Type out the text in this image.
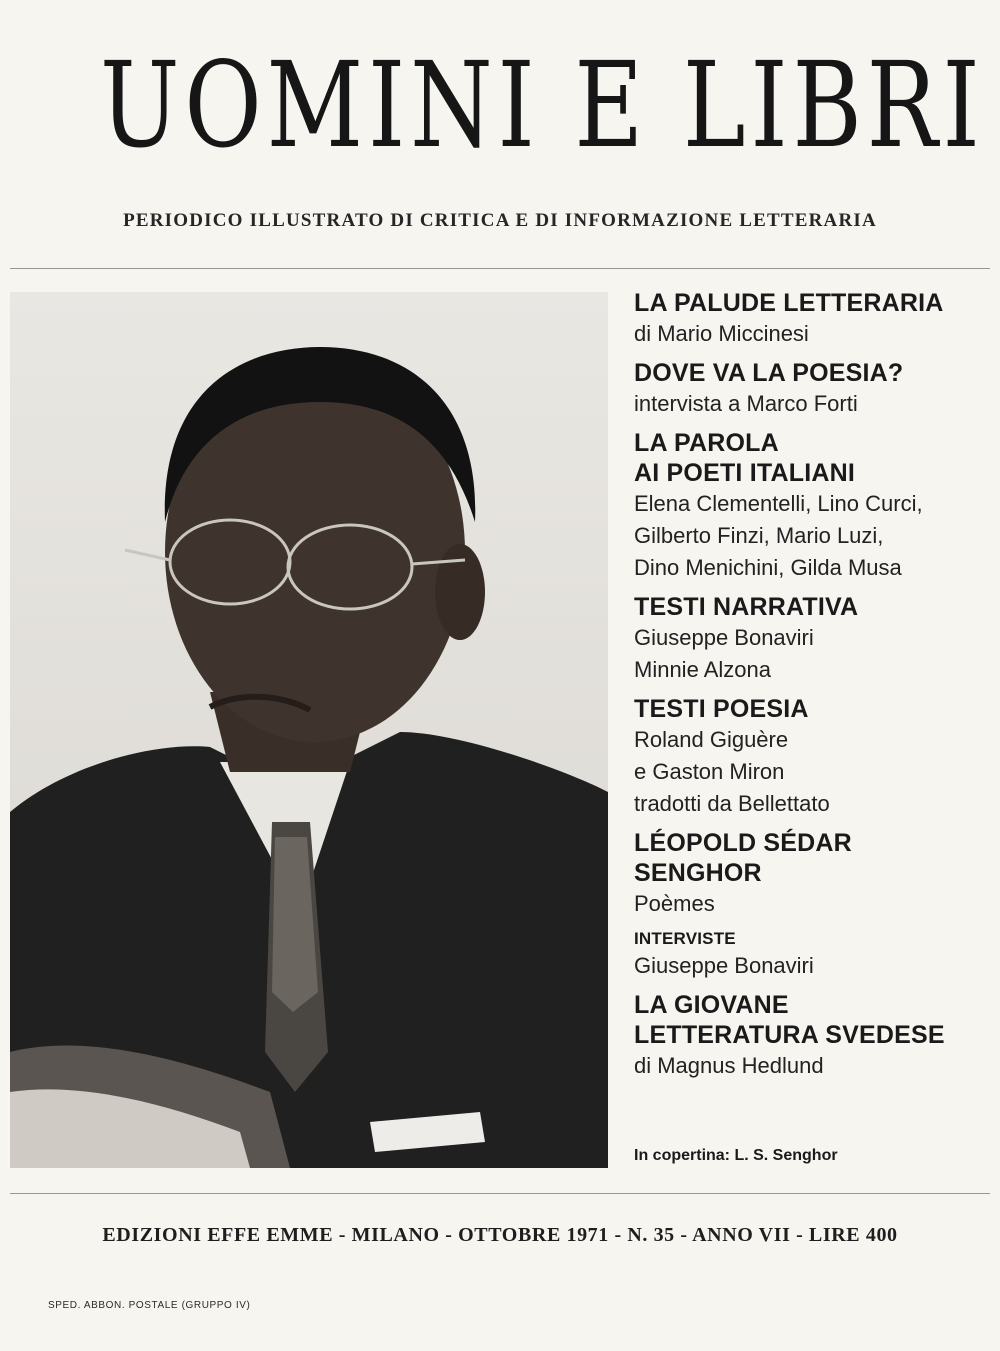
UOMINI E LIBRI
PERIODICO ILLUSTRATO DI CRITICA E DI INFORMAZIONE LETTERARIA
LA PALUDE LETTERARIA
di Mario Miccinesi
DOVE VA LA POESIA?
intervista a Marco Forti
LA PAROLA
AI POETI ITALIANI
Elena Clementelli, Lino Curci,
Gilberto Finzi, Mario Luzi,
Dino Menichini, Gilda Musa
TESTI NARRATIVA
Giuseppe Bonaviri
Minnie Alzona
TESTI POESIA
Roland Giguère
e Gaston Miron
tradotti da Bellettato
LÉOPOLD SÉDAR
SENGHOR
Poèmes
INTERVISTE
Giuseppe Bonaviri
LA GIOVANE
LETTERATURA SVEDESE
di Magnus Hedlund
In copertina: L. S. Senghor
EDIZIONI EFFE EMME - MILANO - OTTOBRE 1971 - N. 35 - ANNO VII - LIRE 400
SPED. ABBON. POSTALE (GRUPPO IV)
